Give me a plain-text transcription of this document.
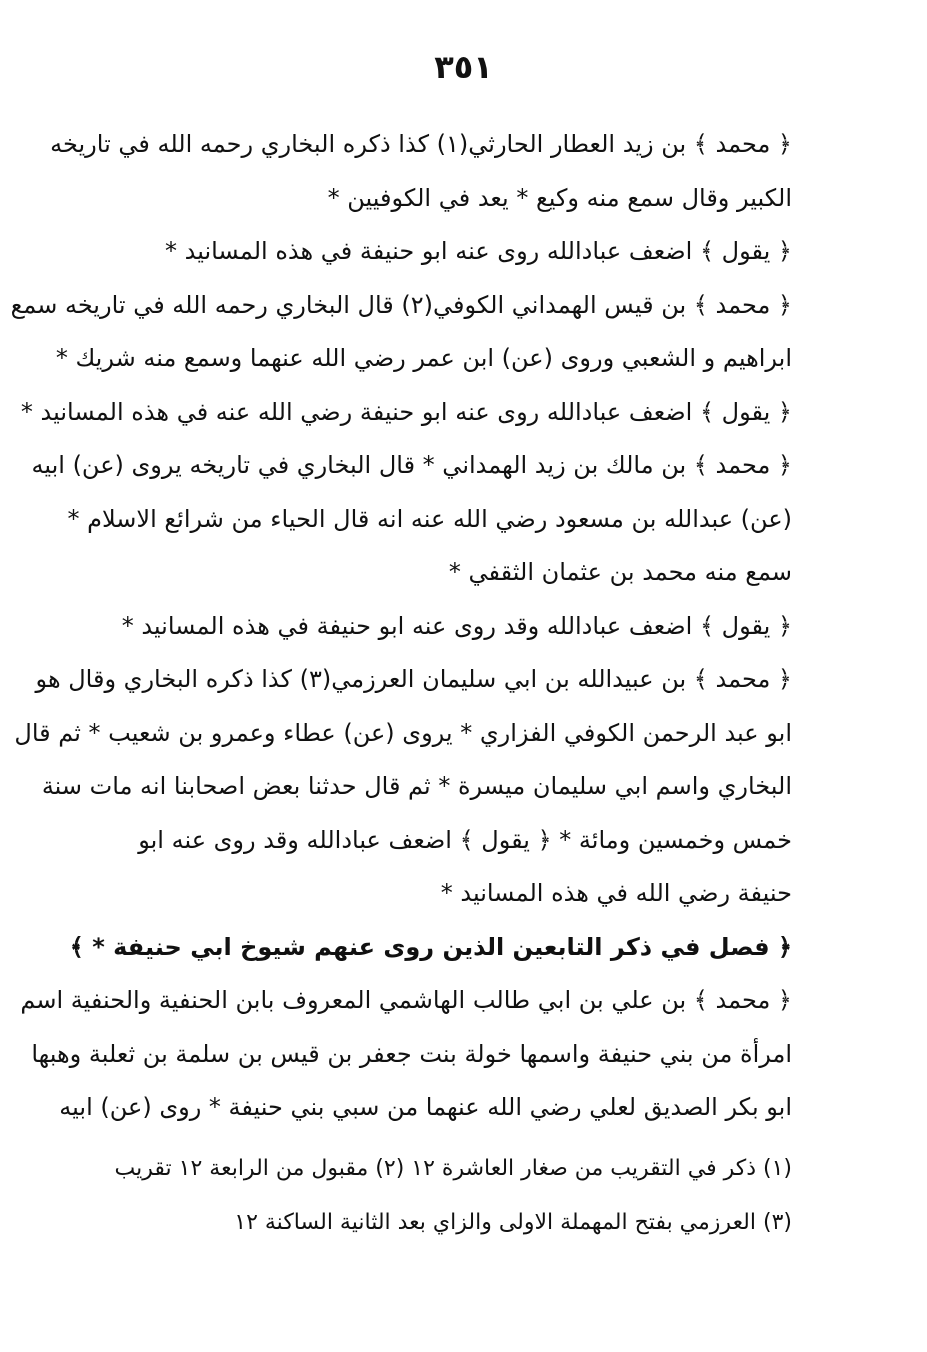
٣٥١
﴿ محمد ﴾ بن زيد العطار الحارثي(١) كذا ذكره البخاري رحمه الله في تاريخه
الكبير وقال سمع منه وكيع * يعد في الكوفيين *
﴿ يقول ﴾ اضعف عبادالله روى عنه ابو حنيفة في هذه المسانيد *
﴿ محمد ﴾ بن قيس الهمداني الكوفي(٢) قال البخاري رحمه الله في تاريخه سمع
ابراهيم و الشعبي وروى (عن) ابن عمر رضي الله عنهما وسمع منه شريك *
﴿ يقول ﴾ اضعف عبادالله روى عنه ابو حنيفة رضي الله عنه في هذه المسانيد *
﴿ محمد ﴾ بن مالك بن زيد الهمداني * قال البخاري في تاريخه يروى (عن) ابيه
(عن) عبدالله بن مسعود رضي الله عنه انه قال الحياء من شرائع الاسلام *
سمع منه محمد بن عثمان الثقفي *
﴿ يقول ﴾ اضعف عبادالله وقد روى عنه ابو حنيفة في هذه المسانيد *
﴿ محمد ﴾ بن عبيدالله بن ابي سليمان العرزمي(٣) كذا ذكره البخاري وقال هو
ابو عبد الرحمن الكوفي الفزاري * يروى (عن) عطاء وعمرو بن شعيب * ثم قال
البخاري واسم ابي سليمان ميسرة * ثم قال حدثنا بعض اصحابنا انه مات سنة
خمس وخمسين ومائة * ﴿ يقول ﴾ اضعف عبادالله وقد روى عنه ابو
حنيفة رضي الله في هذه المسانيد *
﴿ فصل في ذكر التابعين الذين روى عنهم شيوخ ابي حنيفة * ﴾
﴿ محمد ﴾ بن علي بن ابي طالب الهاشمي المعروف بابن الحنفية والحنفية اسم
امرأة من بني حنيفة واسمها خولة بنت جعفر بن قيس بن سلمة بن ثعلبة وهبها
ابو بكر الصديق لعلي رضي الله عنهما من سبي بني حنيفة * روى (عن) ابيه
(١) ذكر في التقريب من صغار العاشرة ١٢ (٢) مقبول من الرابعة ١٢ تقريب
(٣) العرزمي بفتح المهملة الاولى والزاي بعد الثانية الساكنة ١٢
